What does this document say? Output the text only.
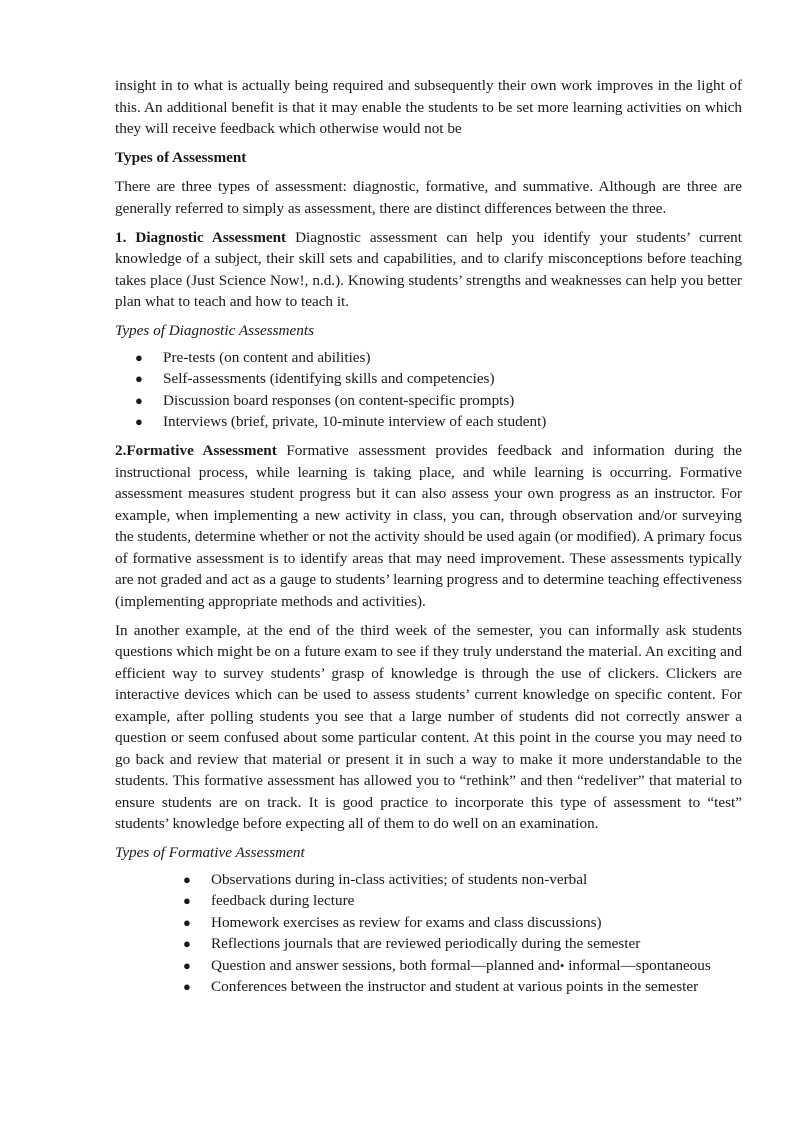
insight in to what is actually being required and subsequently their own work improves in the light of this. An additional benefit is that it may enable the students to be set more learning activities on which they will receive feedback which otherwise would not be

Types of Assessment

There are three types of assessment: diagnostic, formative, and summative. Although are three are generally referred to simply as assessment, there are distinct differences between the three.

1. Diagnostic Assessment Diagnostic assessment can help you identify your students’ current knowledge of a subject, their skill sets and capabilities, and to clarify misconceptions before teaching takes place (Just Science Now!, n.d.). Knowing students’ strengths and weaknesses can help you better plan what to teach and how to teach it.

Types of Diagnostic Assessments

●	Pre-tests (on content and abilities)
●	Self-assessments (identifying skills and competencies)
●	Discussion board responses (on content-specific prompts)
●	Interviews (brief, private, 10-minute interview of each student)

2.Formative Assessment Formative assessment provides feedback and information during the instructional process, while learning is taking place, and while learning is occurring. Formative assessment measures student progress but it can also assess your own progress as an instructor. For example, when implementing a new activity in class, you can, through observation and/or surveying the students, determine whether or not the activity should be used again (or modified). A primary focus of formative assessment is to identify areas that may need improvement. These assessments typically are not graded and act as a gauge to students’ learning progress and to determine teaching effectiveness (implementing appropriate methods and activities).

In another example, at the end of the third week of the semester, you can informally ask students questions which might be on a future exam to see if they truly understand the material. An exciting and efficient way to survey students’ grasp of knowledge is through the use of clickers. Clickers are interactive devices which can be used to assess students’ current knowledge on specific content. For example, after polling students you see that a large number of students did not correctly answer a question or seem confused about some particular content. At this point in the course you may need to go back and review that material or present it in such a way to make it more understandable to the students. This formative assessment has allowed you to “rethink” and then “redeliver” that material to ensure students are on track. It is good practice to incorporate this type of assessment to “test” students’ knowledge before expecting all of them to do well on an examination.

Types of Formative Assessment

●	Observations during in-class activities; of students non-verbal
●	feedback during lecture
●	Homework exercises as review for exams and class discussions)
●	Reflections journals that are reviewed periodically during the semester
●	Question and answer sessions, both formal—planned and• informal—spontaneous
●	Conferences between the instructor and student at various points in the semester
